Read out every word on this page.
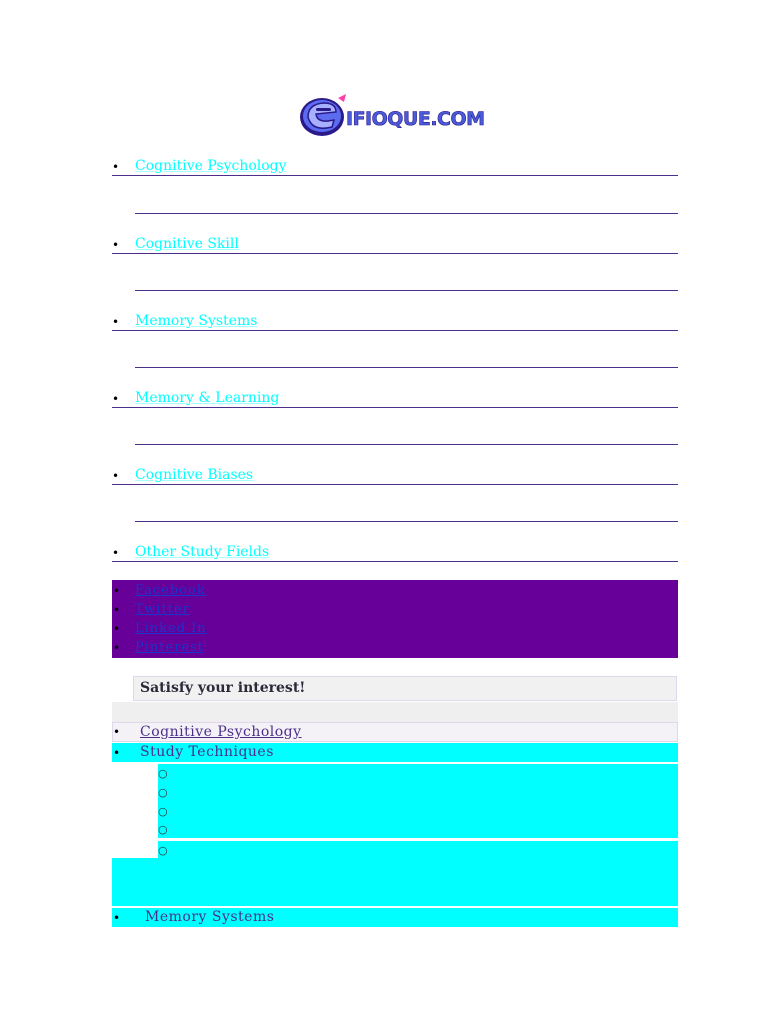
IFIOQUE.COM
• Cognitive Psychology
• Cognitive Skill
• Memory Systems
• Memory & Learning
• Cognitive Biases
• Other Study Fields
• Facebook
• Twitter
• Linked In
• Pinterest
Satisfy your interest!
• Cognitive Psychology
• Study Techniques
○
○
○
○
○
• Memory Systems
